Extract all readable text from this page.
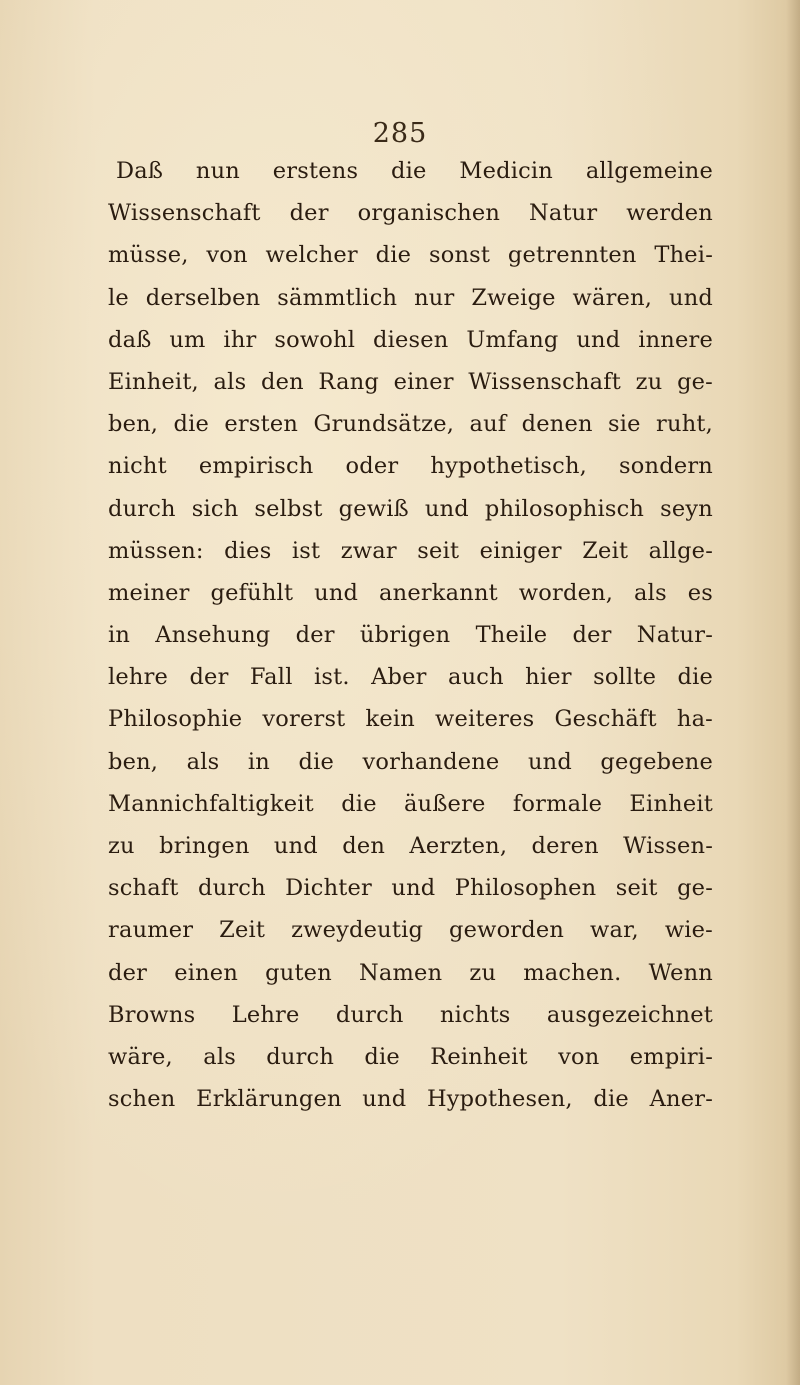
285
Daß nun erstens die Medicin allgemeine
Wissenschaft der organischen Natur werden
müsse, von welcher die sonst getrennten Thei-
le derselben sämmtlich nur Zweige wären, und
daß um ihr sowohl diesen Umfang und innere
Einheit, als den Rang einer Wissenschaft zu ge-
ben, die ersten Grundsätze, auf denen sie ruht,
nicht empirisch oder hypothetisch, sondern
durch sich selbst gewiß und philosophisch seyn
müssen: dies ist zwar seit einiger Zeit allge-
meiner gefühlt und anerkannt worden, als es
in Ansehung der übrigen Theile der Natur-
lehre der Fall ist. Aber auch hier sollte die
Philosophie vorerst kein weiteres Geschäft ha-
ben, als in die vorhandene und gegebene
Mannichfaltigkeit die äußere formale Einheit
zu bringen und den Aerzten, deren Wissen-
schaft durch Dichter und Philosophen seit ge-
raumer Zeit zweydeutig geworden war, wie-
der einen guten Namen zu machen. Wenn
Browns Lehre durch nichts ausgezeichnet
wäre, als durch die Reinheit von empiri-
schen Erklärungen und Hypothesen, die Aner-
